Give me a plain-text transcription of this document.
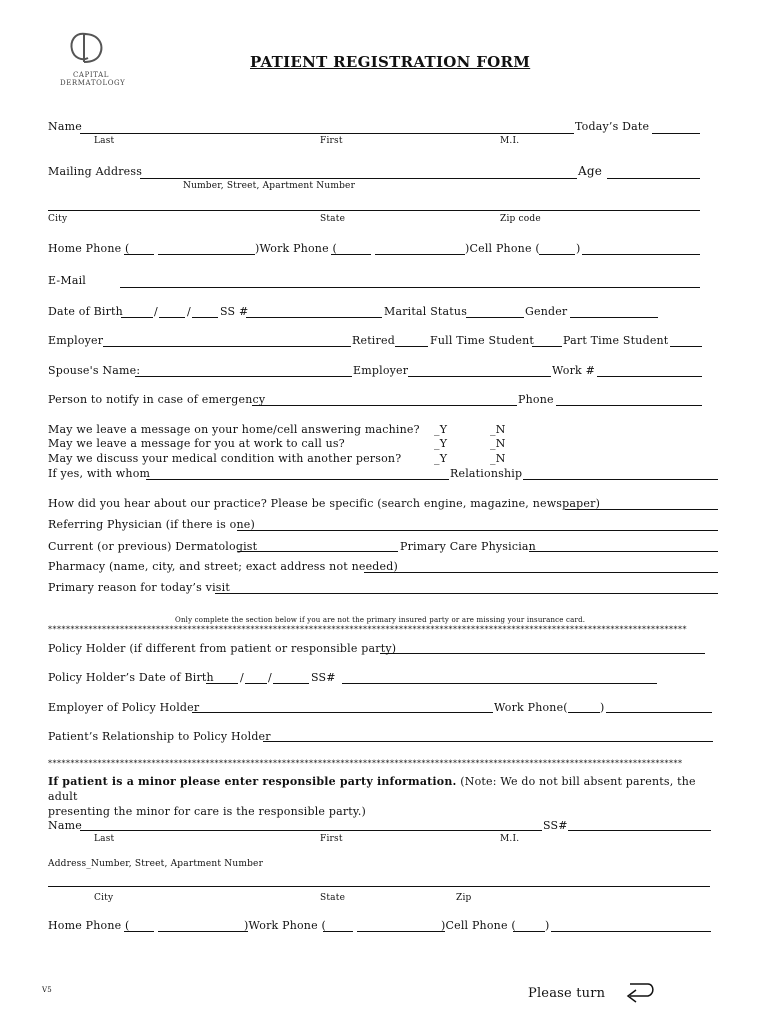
CAPITAL
DERMATOLOGY
PATIENT REGISTRATION FORM
Name	Today’s Date
Last	First	M.I.
Mailing Address	Age
Number, Street, Apartment Number
City	State	Zip code
Home Phone (	)Work Phone (	)Cell Phone (	)
E-Mail
Date of Birth	/	/	SS #	Marital Status	Gender
Employer	Retired	Full Time Student	Part Time Student
Spouse's Name:	Employer	Work #
Person to notify in case of emergency	Phone
May we leave a message on your home/cell answering machine? _Y	_N
May we leave a message for you at work to call us?	_Y	_N
May we discuss your medical condition with another person?	_Y	_N
If yes, with whom	Relationship
How did you hear about our practice? Please be specific (search engine, magazine, newspaper)
Referring Physician (if there is one)
Current (or previous) Dermatologist	Primary Care Physician
Pharmacy (name, city, and street; exact address not needed)
Primary reason for today’s visit
Only complete the section below if you are not the primary insured party or are missing your insurance card.
**********************************************************************************************************************************************
Policy Holder (if different from patient or responsible party)
Policy Holder’s Date of Birth / /	SS#
Employer of Policy Holder	Work Phone(	)
Patient’s Relationship to Policy Holder
*********************************************************************************************************************************************
If patient is a minor please enter responsible party information. (Note: We do not bill absent parents, the adult
presenting the minor for care is the responsible party.)
Name	SS#
Last	First	M.I.
Address_Number, Street, Apartment Number
City	State	Zip
Home Phone (	)Work Phone (	)Cell Phone (	)
V5	Please turn
